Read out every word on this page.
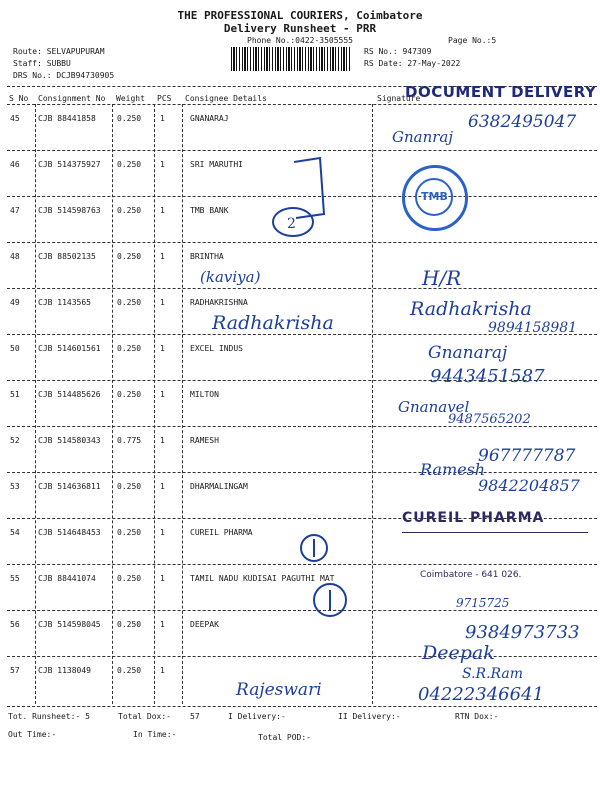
THE PROFESSIONAL COURIERS, Coimbatore
Delivery Runsheet - PRR
Phone No.:0422-3505555	Page No.:5
Route: SELVAPUPURAM
Staff: SUBBU
DRS No.: DCJB94730905
RS No.: 947309
RS Date: 27-May-2022
S No Consignment No Weight PCS Consignee Details	Signature
DOCUMENT DELIVERY
45 CJB 88441858	0.250 1	GNANARAJ
46 CJB 514375927 0.250 1	SRI MARUTHI
47 CJB 514598763 0.250 1	TMB BANK
48 CJB 88502135	0.250 1	BRINTHA
49 CJB 1143565	0.250 1	RADHAKRISHNA
50 CJB 514601561 0.250 1	EXCEL INDUS
51 CJB 514485626 0.250 1	MILTON
52 CJB 514580343 0.775 1	RAMESH
53 CJB 514636811 0.250 1	DHARMALINGAM
54 CJB 514648453 0.250 1	CUREIL PHARMA
55 CJB 88441074	0.250 1	TAMIL NADU KUDISAI PAGUTHI MAT
56 CJB 514598045 0.250 1	DEEPAK
57 CJB 1138049	0.250 1
6382495047
Gnanraj
TMB
2
(kaviya)	H/R
Radhakrisha
Radhakrisha
9894158981
Gnanaraj
9443451587
Gnanavel
9487565202
967777787
Ramesh
9842204857
CUREIL PHARMA
Coimbatore - 641 026.
9715725
9384973733
Deepak
Rajeswari
S.R.Ram
04222346641
Tot. Runsheet:- 5	Total Dox:- 57	I Delivery:-	II Delivery:-	RTN Dox:-
Out Time:-	In Time:-	Total POD:-
